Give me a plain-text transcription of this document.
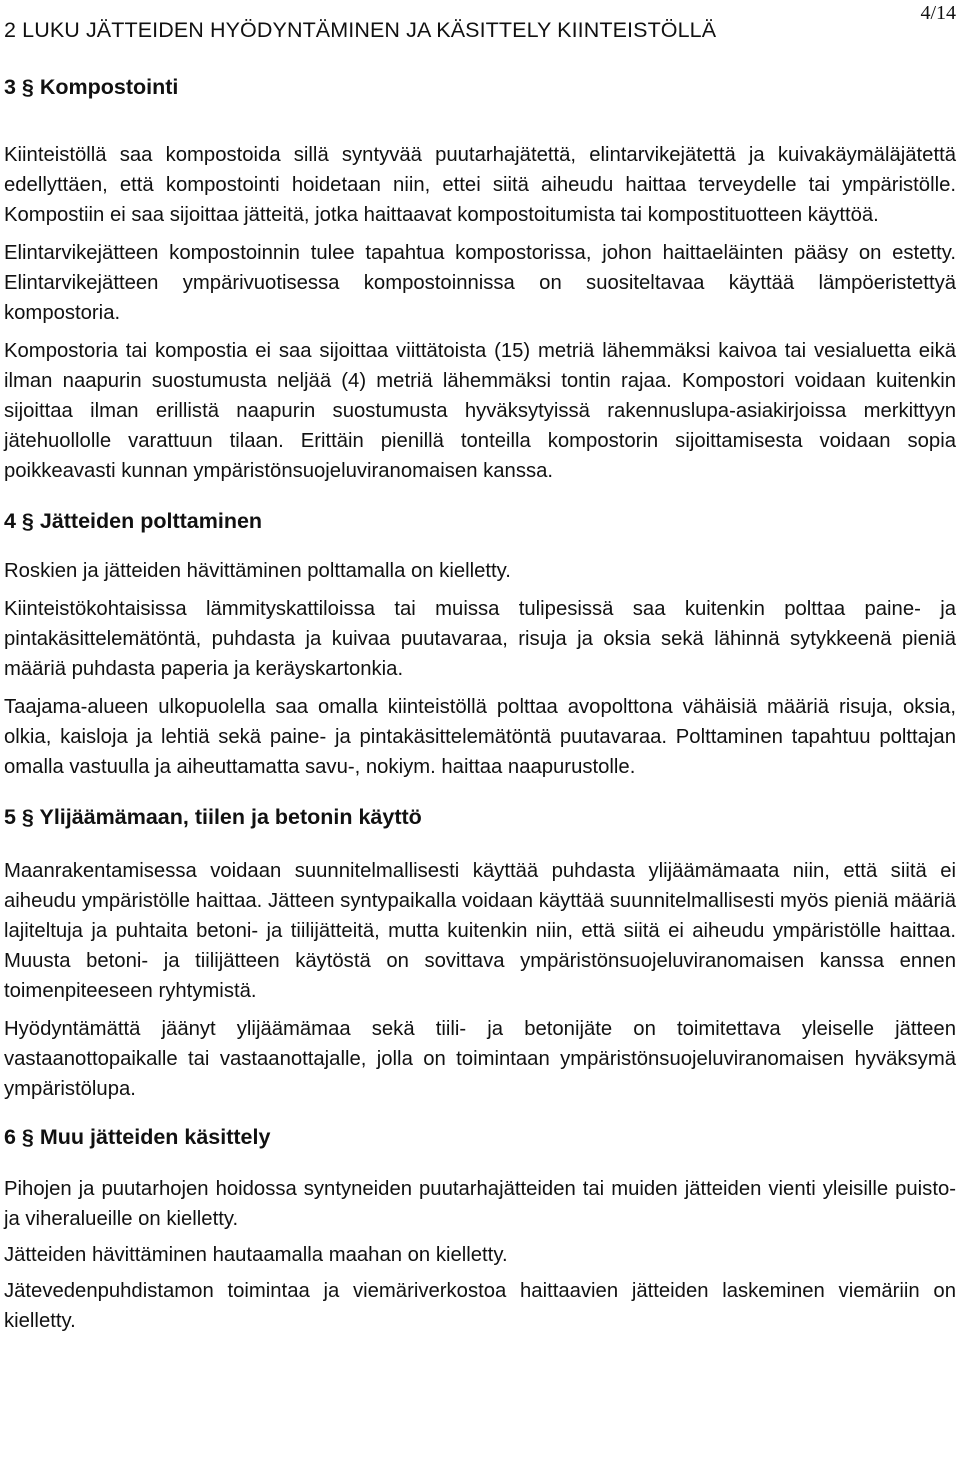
4/14
2 LUKU JÄTTEIDEN HYÖDYNTÄMINEN JA KÄSITTELY KIINTEISTÖLLÄ
3 § Kompostointi

Kiinteistöllä saa kompostoida sillä syntyvää puutarhajätettä, elintarvikejätettä ja kuivakäymäläjätettä edellyttäen, että kompostointi hoidetaan niin, ettei siitä aiheudu haittaa terveydelle tai ympäristölle. Kompostiin ei saa sijoittaa jätteitä, jotka haittaavat kompostoitumista tai kompostituotteen käyttöä.

Elintarvikejätteen kompostoinnin tulee tapahtua kompostorissa, johon haittaeläinten pääsy on estetty. Elintarvikejätteen ympärivuotisessa kompostoinnissa on suositeltavaa käyttää lämpöeristettyä kompostoria.

Kompostoria tai kompostia ei saa sijoittaa viittätoista (15) metriä lähemmäksi kaivoa tai vesialuetta eikä ilman naapurin suostumusta neljää (4) metriä lähemmäksi tontin rajaa. Kompostori voidaan kuitenkin sijoittaa ilman erillistä naapurin suostumusta hyväksytyissä rakennuslupa-asiakirjoissa merkittyyn jätehuollolle varattuun tilaan. Erittäin pienillä tonteilla kompostorin sijoittamisesta voidaan sopia poikkeavasti kunnan ympäristönsuojeluviranomaisen kanssa.

4 § Jätteiden polttaminen

Roskien ja jätteiden hävittäminen polttamalla on kielletty.

Kiinteistökohtaisissa lämmityskattiloissa tai muissa tulipesissä saa kuitenkin polttaa paine- ja pintakäsittelemätöntä, puhdasta ja kuivaa puutavaraa, risuja ja oksia sekä lähinnä sytykkeenä pieniä määriä puhdasta paperia ja keräyskartonkia.

Taajama-alueen ulkopuolella saa omalla kiinteistöllä polttaa avopolttona vähäisiä määriä risuja, oksia, olkia, kaisloja ja lehtiä sekä paine- ja pintakäsittelemätöntä puutavaraa. Polttaminen tapahtuu polttajan omalla vastuulla ja aiheuttamatta savu-, nokiym. haittaa naapurustolle.

5 § Ylijäämämaan, tiilen ja betonin käyttö

Maanrakentamisessa voidaan suunnitelmallisesti käyttää puhdasta ylijäämämaata niin, että siitä ei aiheudu ympäristölle haittaa. Jätteen syntypaikalla voidaan käyttää suunnitelmallisesti myös pieniä määriä lajiteltuja ja puhtaita betoni- ja tiilijätteitä, mutta kuitenkin niin, että siitä ei aiheudu ympäristölle haittaa. Muusta betoni- ja tiilijätteen käytöstä on sovittava ympäristönsuojeluviranomaisen kanssa ennen toimenpiteeseen ryhtymistä.

Hyödyntämättä jäänyt ylijäämämaa sekä tiili- ja betonijäte on toimitettava yleiselle jätteen vastaanottopaikalle tai vastaanottajalle, jolla on toimintaan ympäristönsuojeluviranomaisen hyväksymä ympäristölupa.

6 § Muu jätteiden käsittely

Pihojen ja puutarhojen hoidossa syntyneiden puutarhajätteiden tai muiden jätteiden vienti yleisille puisto- ja viheralueille on kielletty.

Jätteiden hävittäminen hautaamalla maahan on kielletty.

Jätevedenpuhdistamon toimintaa ja viemäriverkostoa haittaavien jätteiden laskeminen viemäriin on kielletty.
